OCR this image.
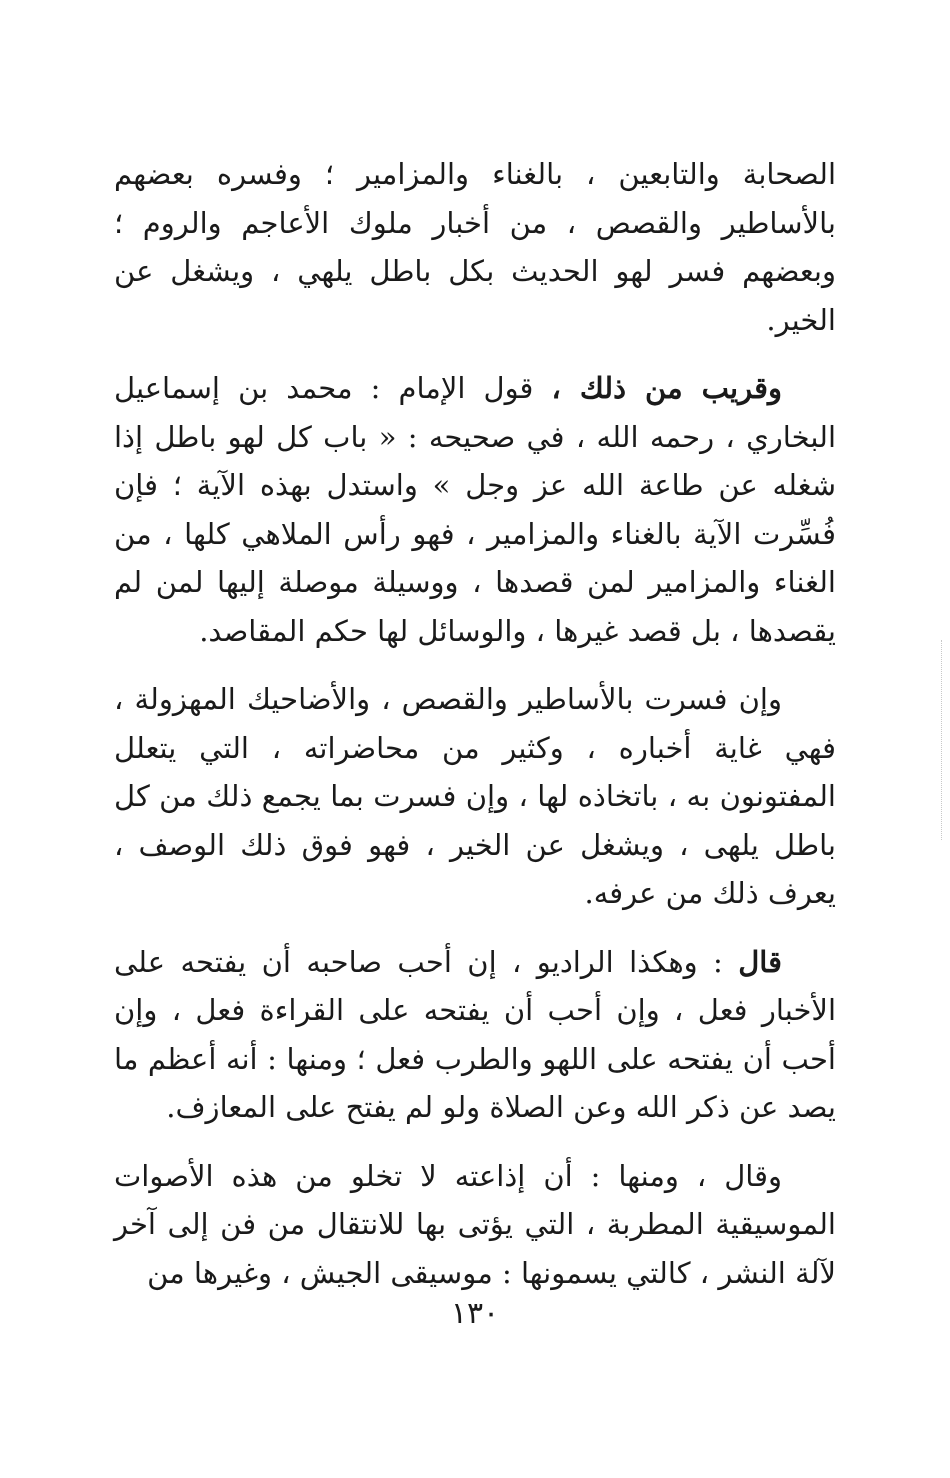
الصحابة والتابعين ، بالغناء والمزامير ؛ وفسره بعضهم بالأساطير والقصص ، من أخبار ملوك الأعاجم والروم ؛ وبعضهم فسر لهو الحديث بكل باطل يلهي ، ويشغل عن الخير.

وقريب من ذلك ، قول الإمام : محمد بن إسماعيل البخاري ، رحمه الله ، في صحيحه : « باب كل لهو باطل إذا شغله عن طاعة الله عز وجل » واستدل بهذه الآية ؛ فإن فُسِّرت الآية بالغناء والمزامير ، فهو رأس الملاهي كلها ، من الغناء والمزامير لمن قصدها ، ووسيلة موصلة إليها لمن لم يقصدها ، بل قصد غيرها ، والوسائل لها حكم المقاصد.

وإن فسرت بالأساطير والقصص ، والأضاحيك المهزولة ، فهي غاية أخباره ، وكثير من محاضراته ، التي يتعلل المفتونون به ، باتخاذه لها ، وإن فسرت بما يجمع ذلك من كل باطل يلهى ، ويشغل عن الخير ، فهو فوق ذلك الوصف ، يعرف ذلك من عرفه.

قال : وهكذا الراديو ، إن أحب صاحبه أن يفتحه على الأخبار فعل ، وإن أحب أن يفتحه على القراءة فعل ، وإن أحب أن يفتحه على اللهو والطرب فعل ؛ ومنها : أنه أعظم ما يصد عن ذكر الله وعن الصلاة ولو لم يفتح على المعازف.

وقال ، ومنها : أن إذاعته لا تخلو من هذه الأصوات الموسيقية المطربة ، التي يؤتى بها للانتقال من فن إلى آخر لآلة النشر ، كالتي يسمونها : موسيقى الجيش ، وغيرها من

١٣٠
